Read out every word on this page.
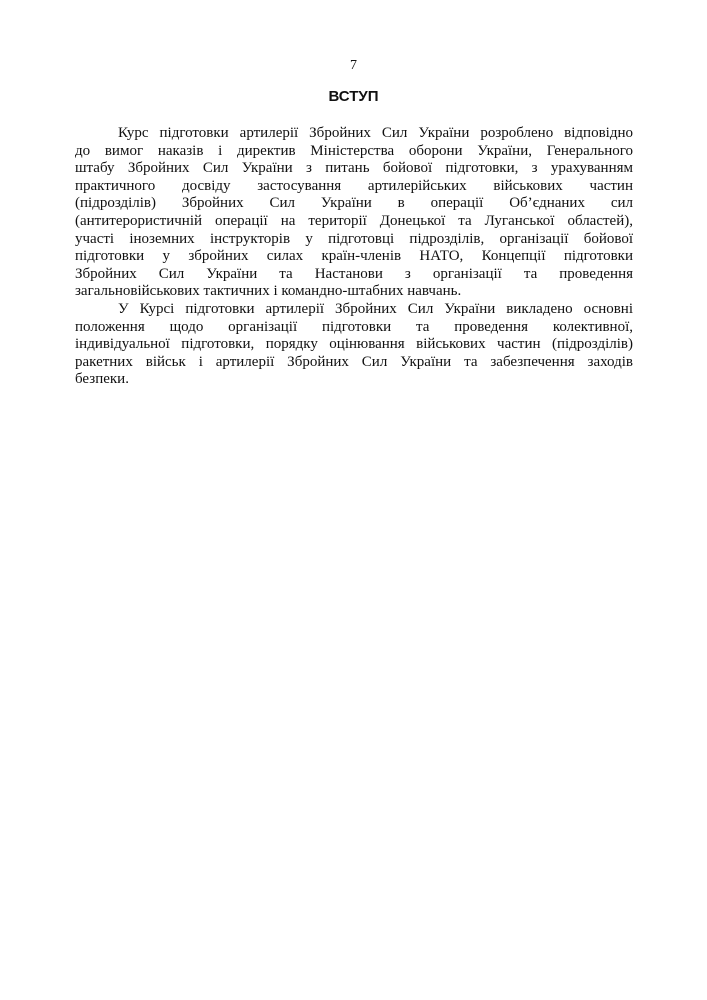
7
ВСТУП
Курс підготовки артилерії Збройних Сил України розроблено відповідно
до вимог наказів і директив Міністерства оборони України, Генерального
штабу Збройних Сил України з питань бойової підготовки, з урахуванням
практичного досвіду застосування артилерійських військових частин
(підрозділів) Збройних Сил України в операції Об’єднаних сил
(антитерористичній операції на території Донецької та Луганської областей),
участі іноземних інструкторів у підготовці підрозділів, організації бойової
підготовки у збройних силах країн-членів НАТО, Концепції підготовки
Збройних Сил України та Настанови з організації та проведення
загальновійськових тактичних і командно-штабних навчань.
У Курсі підготовки артилерії Збройних Сил України викладено основні
положення щодо організації підготовки та проведення колективної,
індивідуальної підготовки, порядку оцінювання військових частин (підрозділів)
ракетних військ і артилерії Збройних Сил України та забезпечення заходів
безпеки.
